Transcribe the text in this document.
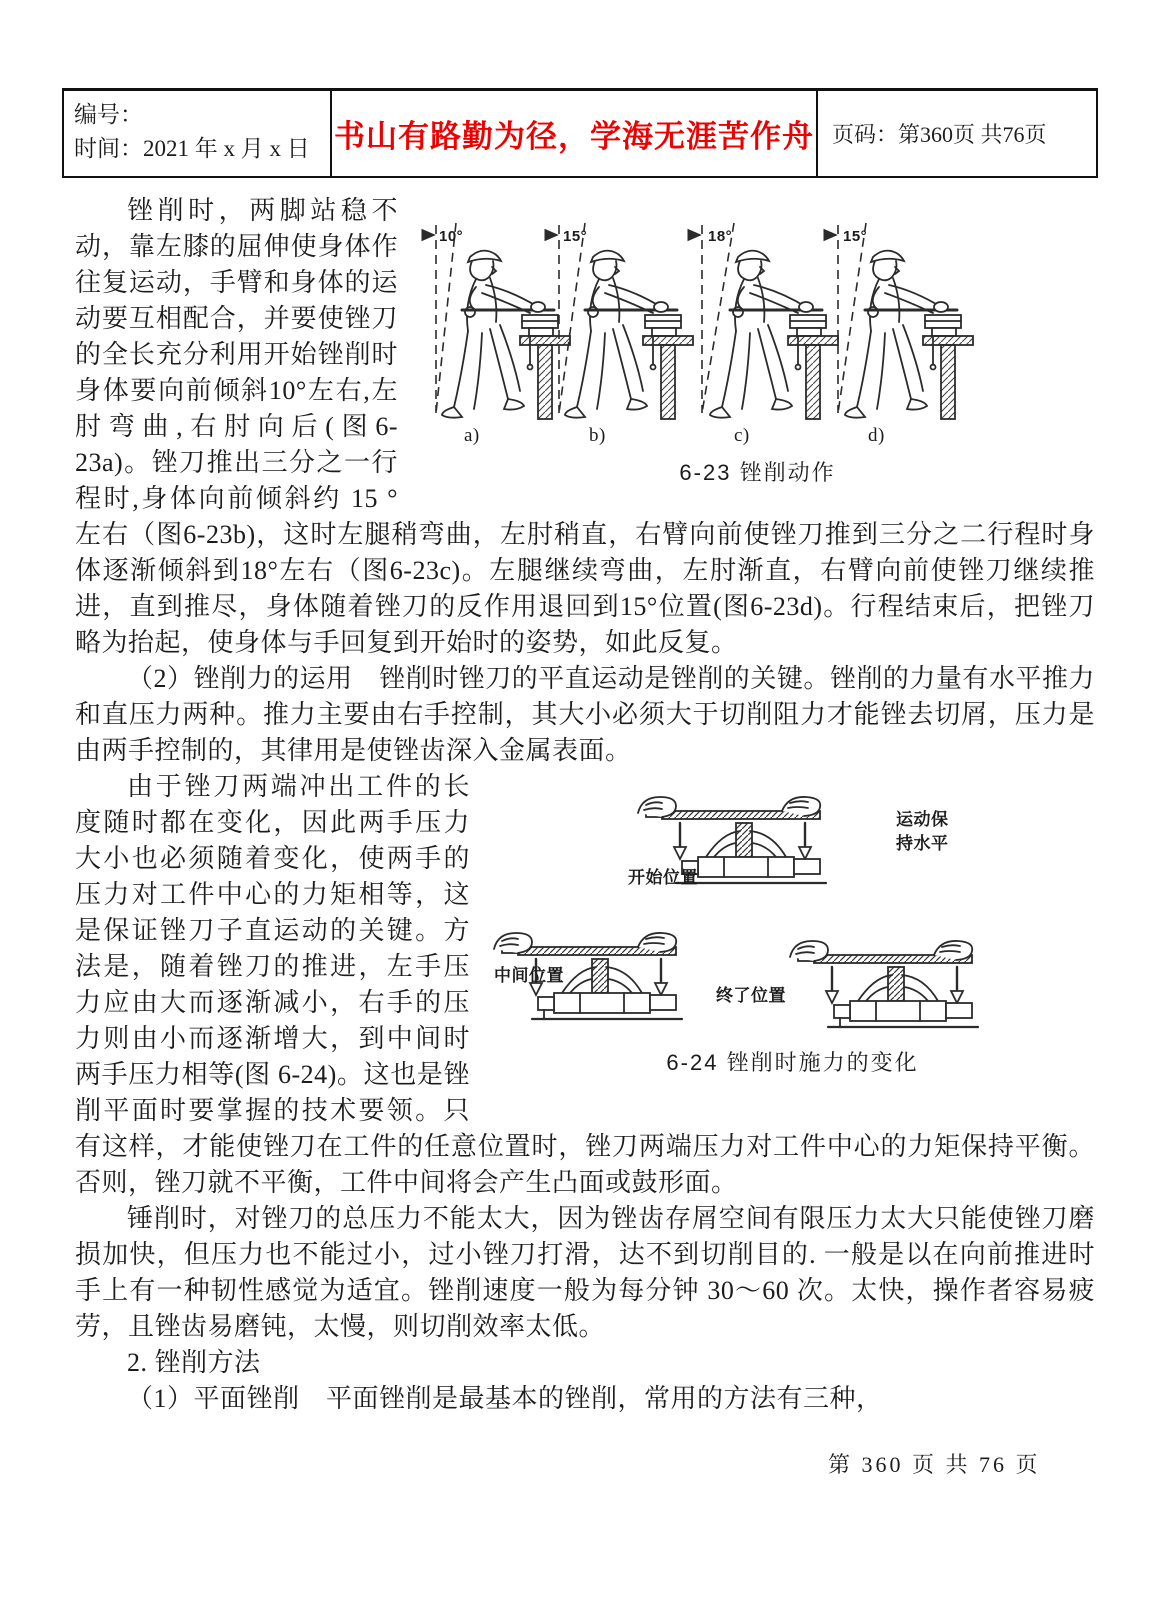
编号：
时间：2021 年 x 月 x 日 书山有路勤为径，学海无涯苦作舟 页码：第360页 共76页
10°
a)
15°
b)
18°
c)
15°
d)
6-23 锉削动作

锉削时，两脚站稳不动，靠左膝的屈伸使身体作往复运动，手臂和身体的运动要互相配合，并要使锉刀的全长充分利用开始锉削时身体要向前倾斜10°左右,左肘弯曲,右肘向后(图6-23a)。锉刀推出三分之一行程时,身体向前倾斜约 15 °左右（图6-23b)，这时左腿稍弯曲，左肘稍直，右臂向前使锉刀推到三分之二行程时身体逐渐倾斜到18°左右（图6-23c)。左腿继续弯曲，左肘渐直，右臂向前使锉刀继续推进，直到推尽，身体随着锉刀的反作用退回到15°位置(图6-23d)。行程结束后，把锉刀略为抬起，使身体与手回复到开始时的姿势，如此反复。

（2）锉削力的运用　锉削时锉刀的平直运动是锉削的关键。锉削的力量有水平推力和直压力两种。推力主要由右手控制，其大小必须大于切削阻力才能锉去切屑，压力是由两手控制的，其律用是使锉齿深入金属表面。

开始位置
运动保
持水平
中间位置
终了位置
6-24 锉削时施力的变化

由于锉刀两端冲出工件的长度随时都在变化，因此两手压力大小也必须随着变化，使两手的压力对工件中心的力矩相等，这是保证锉刀子直运动的关键。方法是，随着锉刀的推进，左手压力应由大而逐渐减小，右手的压力则由小而逐渐增大，到中间时两手压力相等(图 6-24)。这也是锉削平面时要掌握的技术要领。只有这样，才能使锉刀在工件的任意位置时，锉刀两端压力对工件中心的力矩保持平衡。否则，锉刀就不平衡，工件中间将会产生凸面或鼓形面。

锤削时，对锉刀的总压力不能太大，因为锉齿存屑空间有限压力太大只能使锉刀磨损加快，但压力也不能过小，过小锉刀打滑，达不到切削目的. 一般是以在向前推进时手上有一种韧性感觉为适宜。锉削速度一般为每分钟 30～60 次。太快，操作者容易疲劳，且锉齿易磨钝，太慢，则切削效率太低。

2. 锉削方法

（1）平面锉削　平面锉削是最基本的锉削，常用的方法有三种，

第 360 页 共 76 页
